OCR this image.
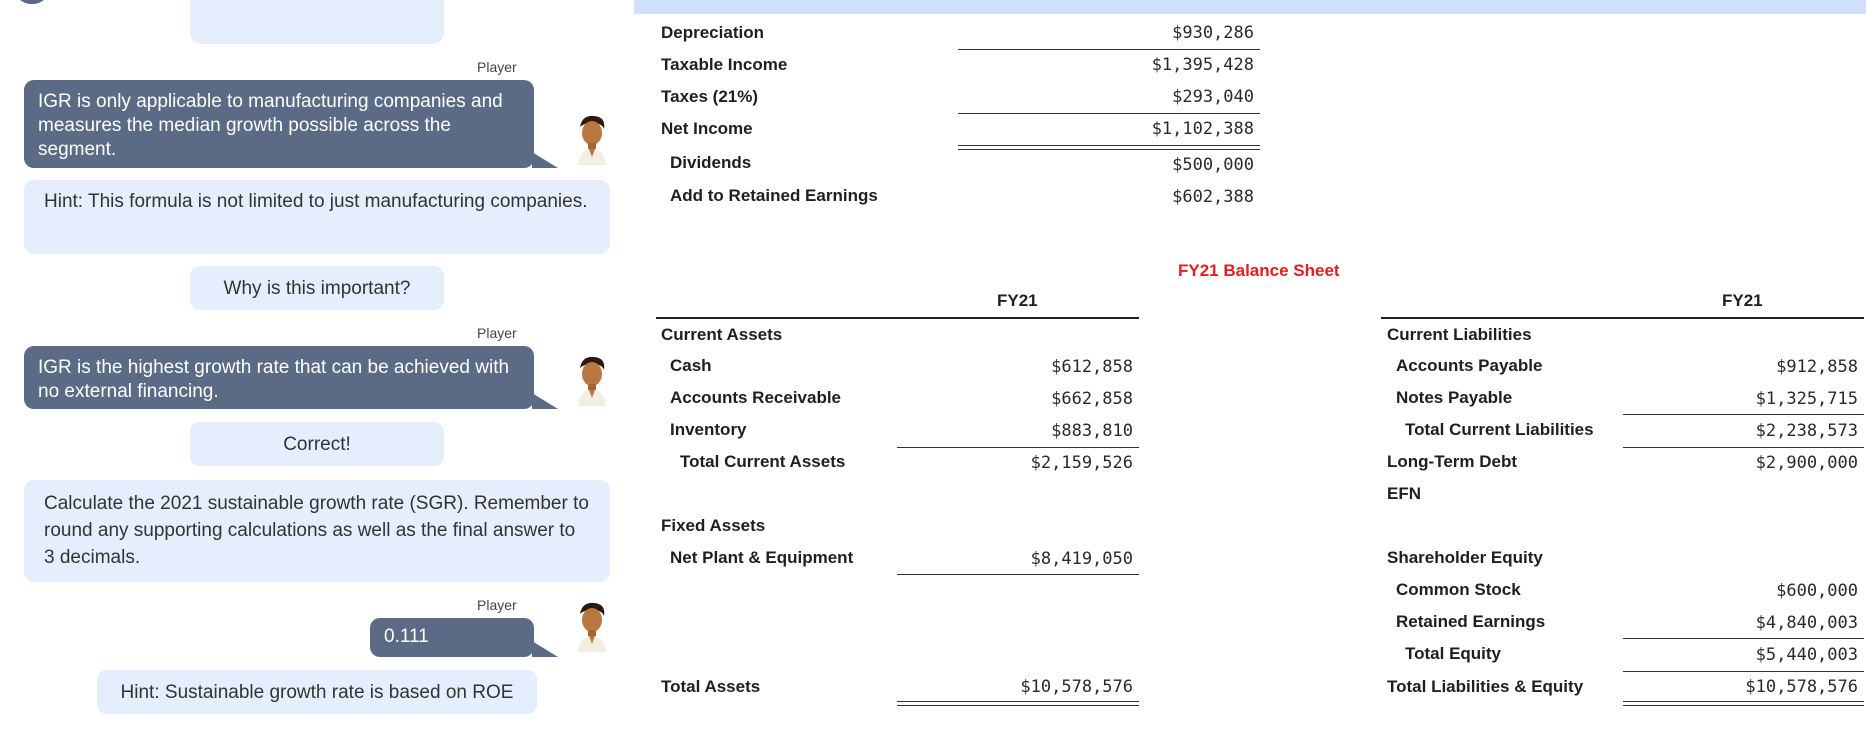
Player
IGR is only applicable to manufacturing companies and measures the median growth possible across the segment.
Hint: This formula is not limited to just manufacturing companies.
Why is this important?
Player
IGR is the highest growth rate that can be achieved with no external financing.
Correct!
Calculate the 2021 sustainable growth rate (SGR). Remember to round any supporting calculations as well as the final answer to 3 decimals.
Player
0.111
Hint: Sustainable growth rate is based on ROE
Depreciation	$930,286
Taxable Income	$1,395,428
Taxes (21%)	$293,040
Net Income	$1,102,388
Dividends	$500,000
Add to Retained Earnings	$602,388
FY21 Balance Sheet
FY21
Current Assets
Cash	$612,858
Accounts Receivable	$662,858
Inventory	$883,810
Total Current Assets	$2,159,526
Fixed Assets
Net Plant & Equipment	$8,419,050
Total Assets	$10,578,576
FY21
Current Liabilities
Accounts Payable	$912,858
Notes Payable	$1,325,715
Total Current Liabilities	$2,238,573
Long-Term Debt	$2,900,000
EFN
Shareholder Equity
Common Stock	$600,000
Retained Earnings	$4,840,003
Total Equity	$5,440,003
Total Liabilities & Equity	$10,578,576
